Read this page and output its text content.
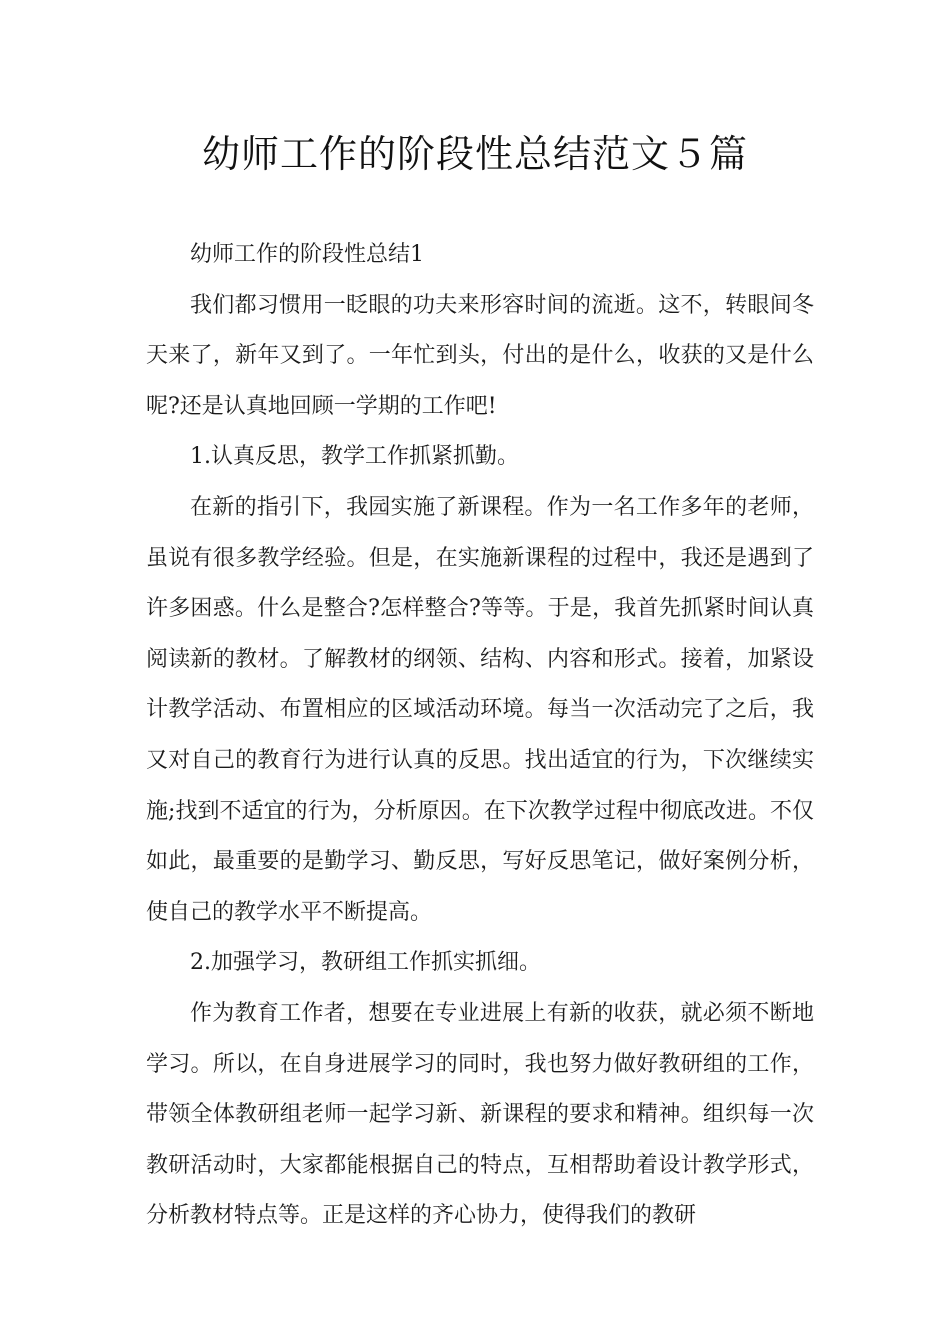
幼师工作的阶段性总结范文５篇

幼师工作的阶段性总结1

我们都习惯用一眨眼的功夫来形容时间的流逝。这不，转眼间冬天来了，新年又到了。一年忙到头，付出的是什么，收获的又是什么呢?还是认真地回顾一学期的工作吧!

1.认真反思，教学工作抓紧抓勤。

在新的指引下，我园实施了新课程。作为一名工作多年的老师，虽说有很多教学经验。但是，在实施新课程的过程中，我还是遇到了许多困惑。什么是整合?怎样整合?等等。于是，我首先抓紧时间认真阅读新的教材。了解教材的纲领、结构、内容和形式。接着，加紧设计教学活动、布置相应的区域活动环境。每当一次活动完了之后，我又对自己的教育行为进行认真的反思。找出适宜的行为，下次继续实施;找到不适宜的行为，分析原因。在下次教学过程中彻底改进。不仅如此，最重要的是勤学习、勤反思，写好反思笔记，做好案例分析，使自己的教学水平不断提高。

2.加强学习，教研组工作抓实抓细。

作为教育工作者，想要在专业进展上有新的收获，就必须不断地学习。所以，在自身进展学习的同时，我也努力做好教研组的工作，带领全体教研组老师一起学习新、新课程的要求和精神。组织每一次教研活动时，大家都能根据自己的特点，互相帮助着设计教学形式，分析教材特点等。正是这样的齐心协力，使得我们的教研
